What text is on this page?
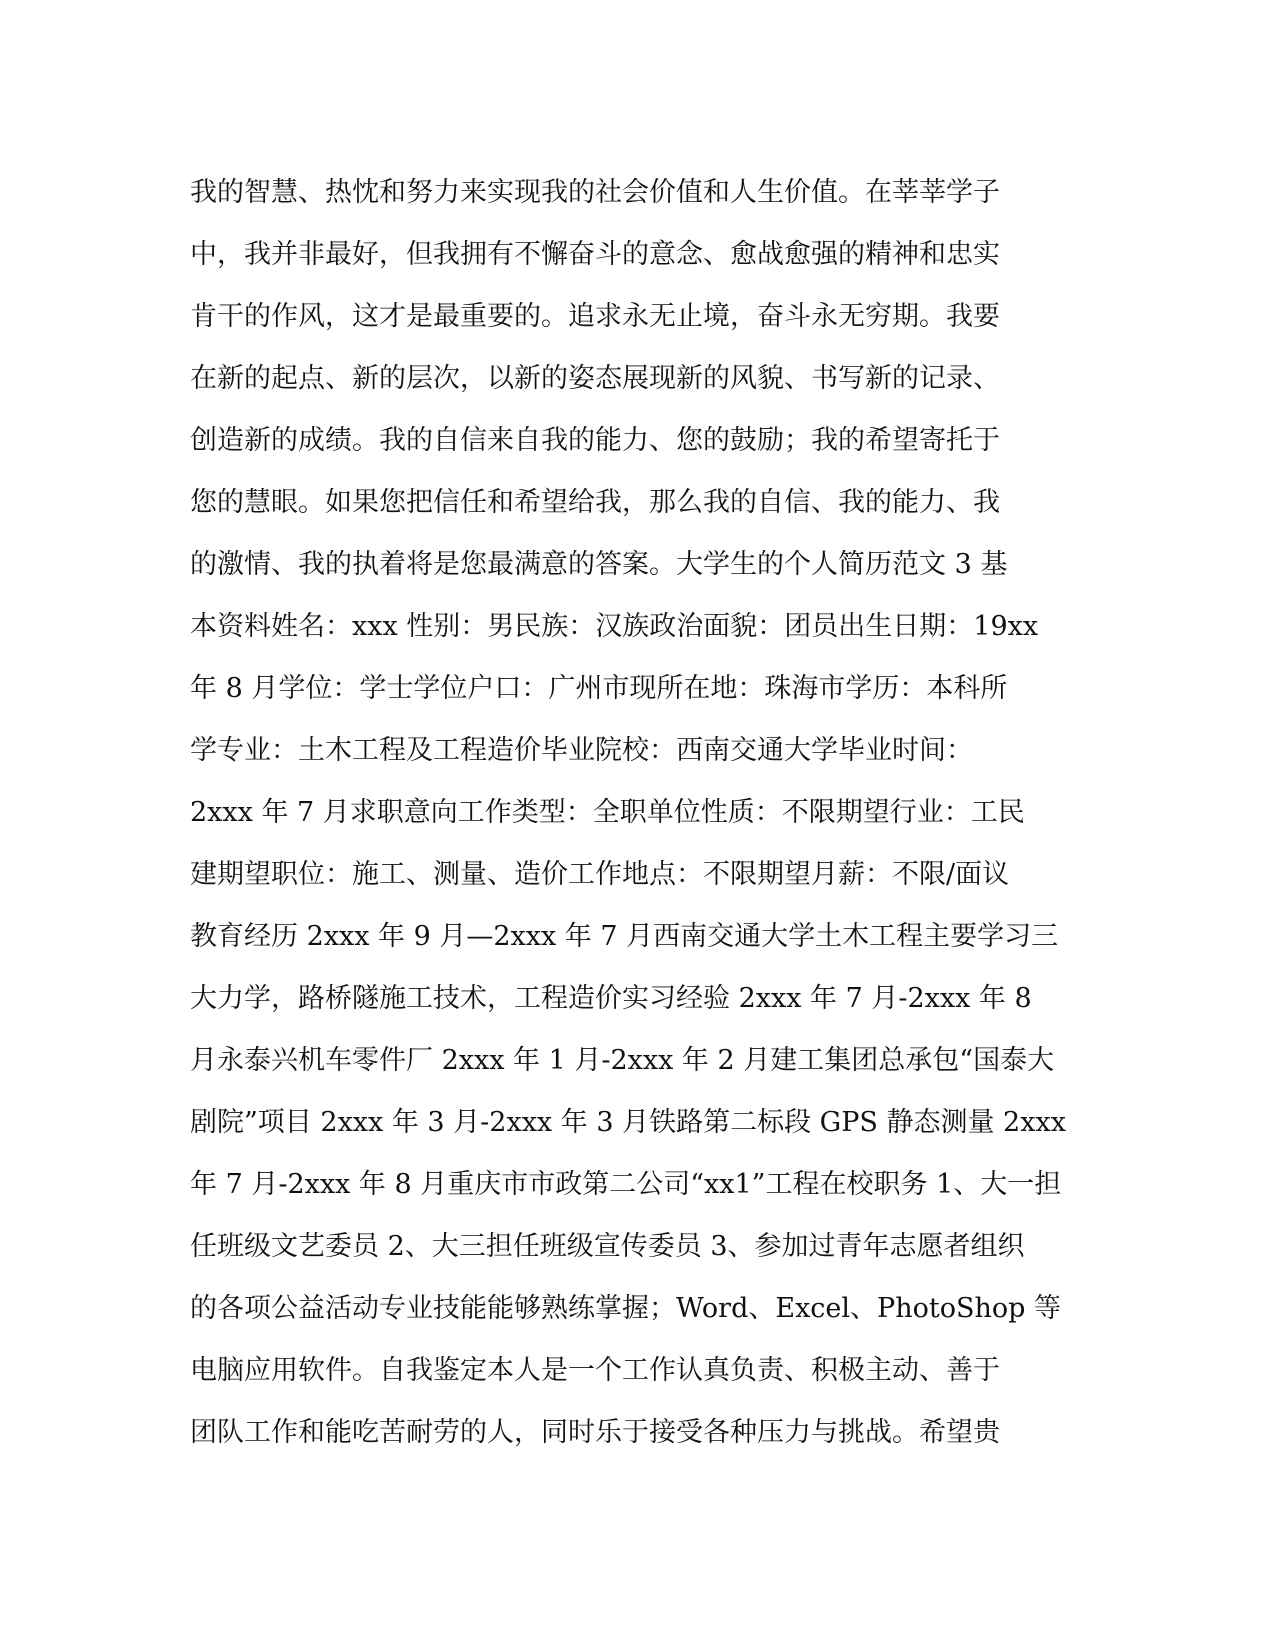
我的智慧、热忱和努力来实现我的社会价值和人生价值。在莘莘学子
中，我并非最好，但我拥有不懈奋斗的意念、愈战愈强的精神和忠实
肯干的作风，这才是最重要的。追求永无止境，奋斗永无穷期。我要
在新的起点、新的层次，以新的姿态展现新的风貌、书写新的记录、
创造新的成绩。我的自信来自我的能力、您的鼓励；我的希望寄托于
您的慧眼。如果您把信任和希望给我，那么我的自信、我的能力、我
的激情、我的执着将是您最满意的答案。大学生的个人简历范文 3 基
本资料姓名：xxx 性别：男民族：汉族政治面貌：团员出生日期：19xx
年 8 月学位：学士学位户口：广州市现所在地：珠海市学历：本科所
学专业：土木工程及工程造价毕业院校：西南交通大学毕业时间：
2xxx 年 7 月求职意向工作类型：全职单位性质：不限期望行业：工民
建期望职位：施工、测量、造价工作地点：不限期望月薪：不限/面议
教育经历 2xxx 年 9 月—2xxx 年 7 月西南交通大学土木工程主要学习三
大力学，路桥隧施工技术，工程造价实习经验 2xxx 年 7 月-2xxx 年 8
月永泰兴机车零件厂 2xxx 年 1 月-2xxx 年 2 月建工集团总承包“国泰大
剧院”项目 2xxx 年 3 月-2xxx 年 3 月铁路第二标段 GPS 静态测量 2xxx
年 7 月-2xxx 年 8 月重庆市市政第二公司“xx1”工程在校职务 1、大一担
任班级文艺委员 2、大三担任班级宣传委员 3、参加过青年志愿者组织
的各项公益活动专业技能能够熟练掌握；Word、Excel、PhotoShop 等
电脑应用软件。自我鉴定本人是一个工作认真负责、积极主动、善于
团队工作和能吃苦耐劳的人，同时乐于接受各种压力与挑战。希望贵
